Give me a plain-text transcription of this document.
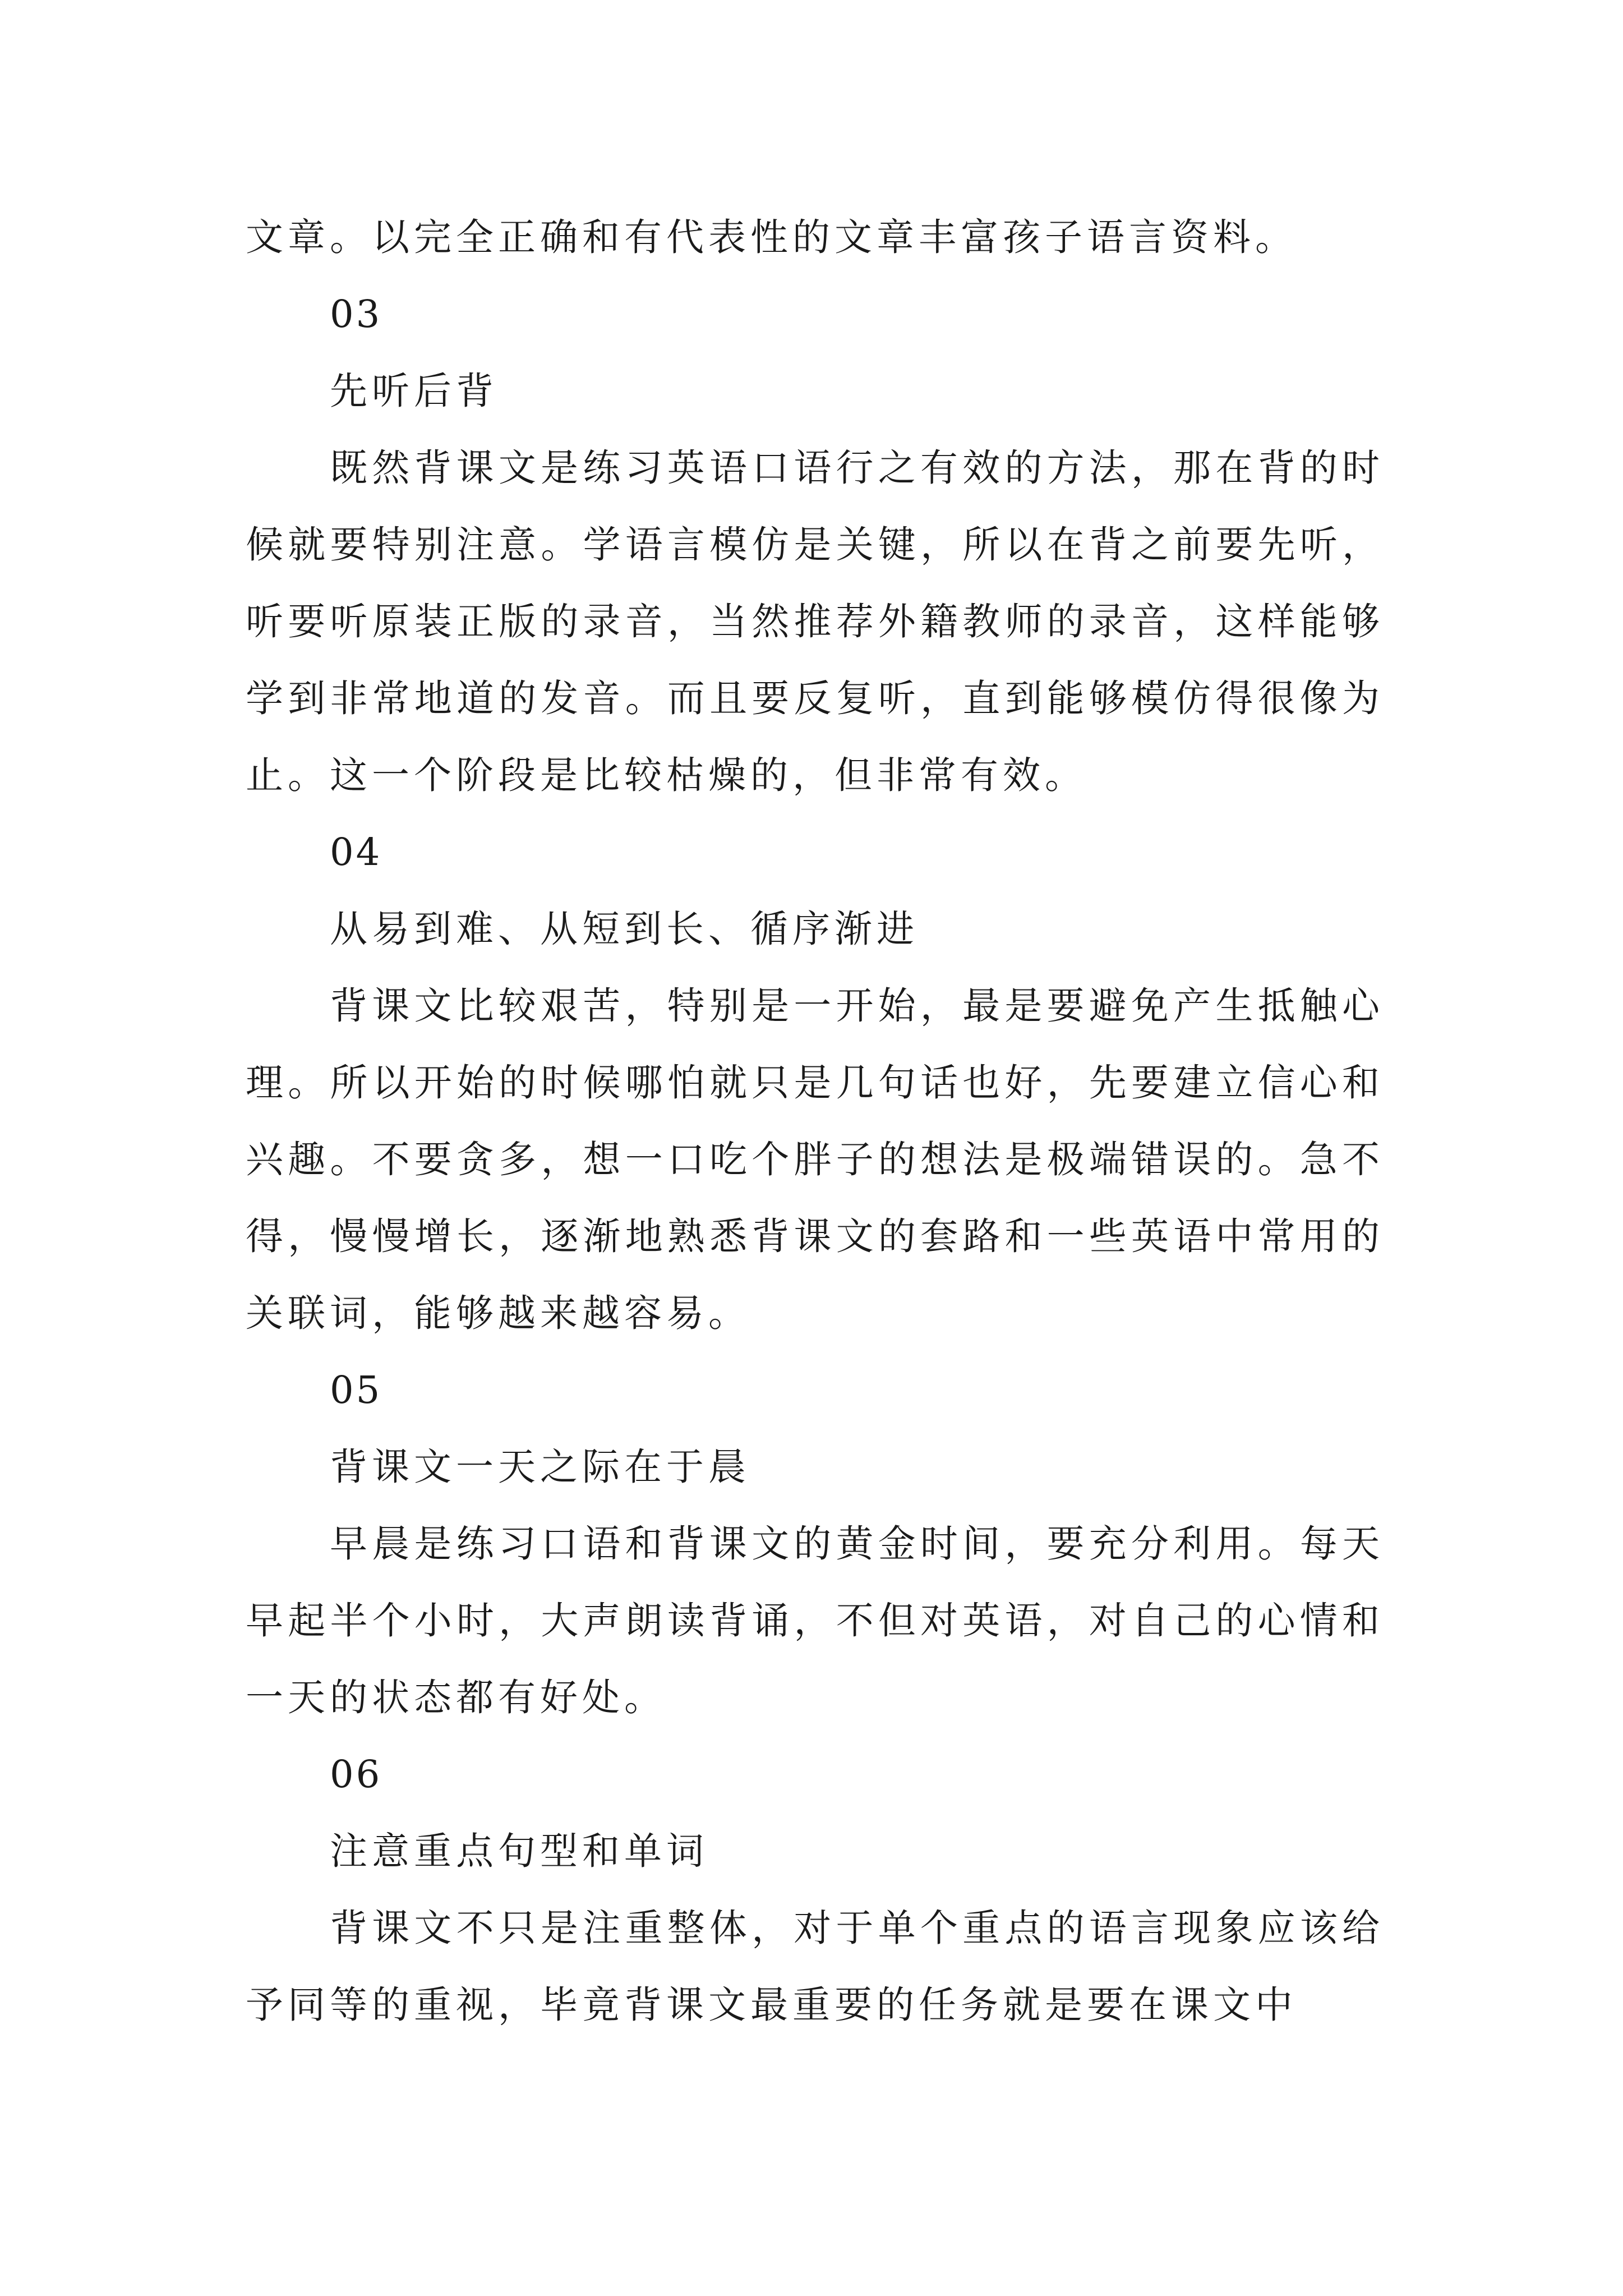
文章。以完全正确和有代表性的文章丰富孩子语言资料。

03

先听后背

既然背课文是练习英语口语行之有效的方法，那在背的时候就要特别注意。学语言模仿是关键，所以在背之前要先听，听要听原装正版的录音，当然推荐外籍教师的录音，这样能够学到非常地道的发音。而且要反复听，直到能够模仿得很像为止。这一个阶段是比较枯燥的，但非常有效。

04

从易到难、从短到长、循序渐进

背课文比较艰苦，特别是一开始，最是要避免产生抵触心理。所以开始的时候哪怕就只是几句话也好，先要建立信心和兴趣。不要贪多，想一口吃个胖子的想法是极端错误的。急不得，慢慢增长，逐渐地熟悉背课文的套路和一些英语中常用的关联词，能够越来越容易。

05

背课文一天之际在于晨

早晨是练习口语和背课文的黄金时间，要充分利用。每天早起半个小时，大声朗读背诵，不但对英语，对自己的心情和一天的状态都有好处。

06

注意重点句型和单词

背课文不只是注重整体，对于单个重点的语言现象应该给予同等的重视，毕竟背课文最重要的任务就是要在课文中
